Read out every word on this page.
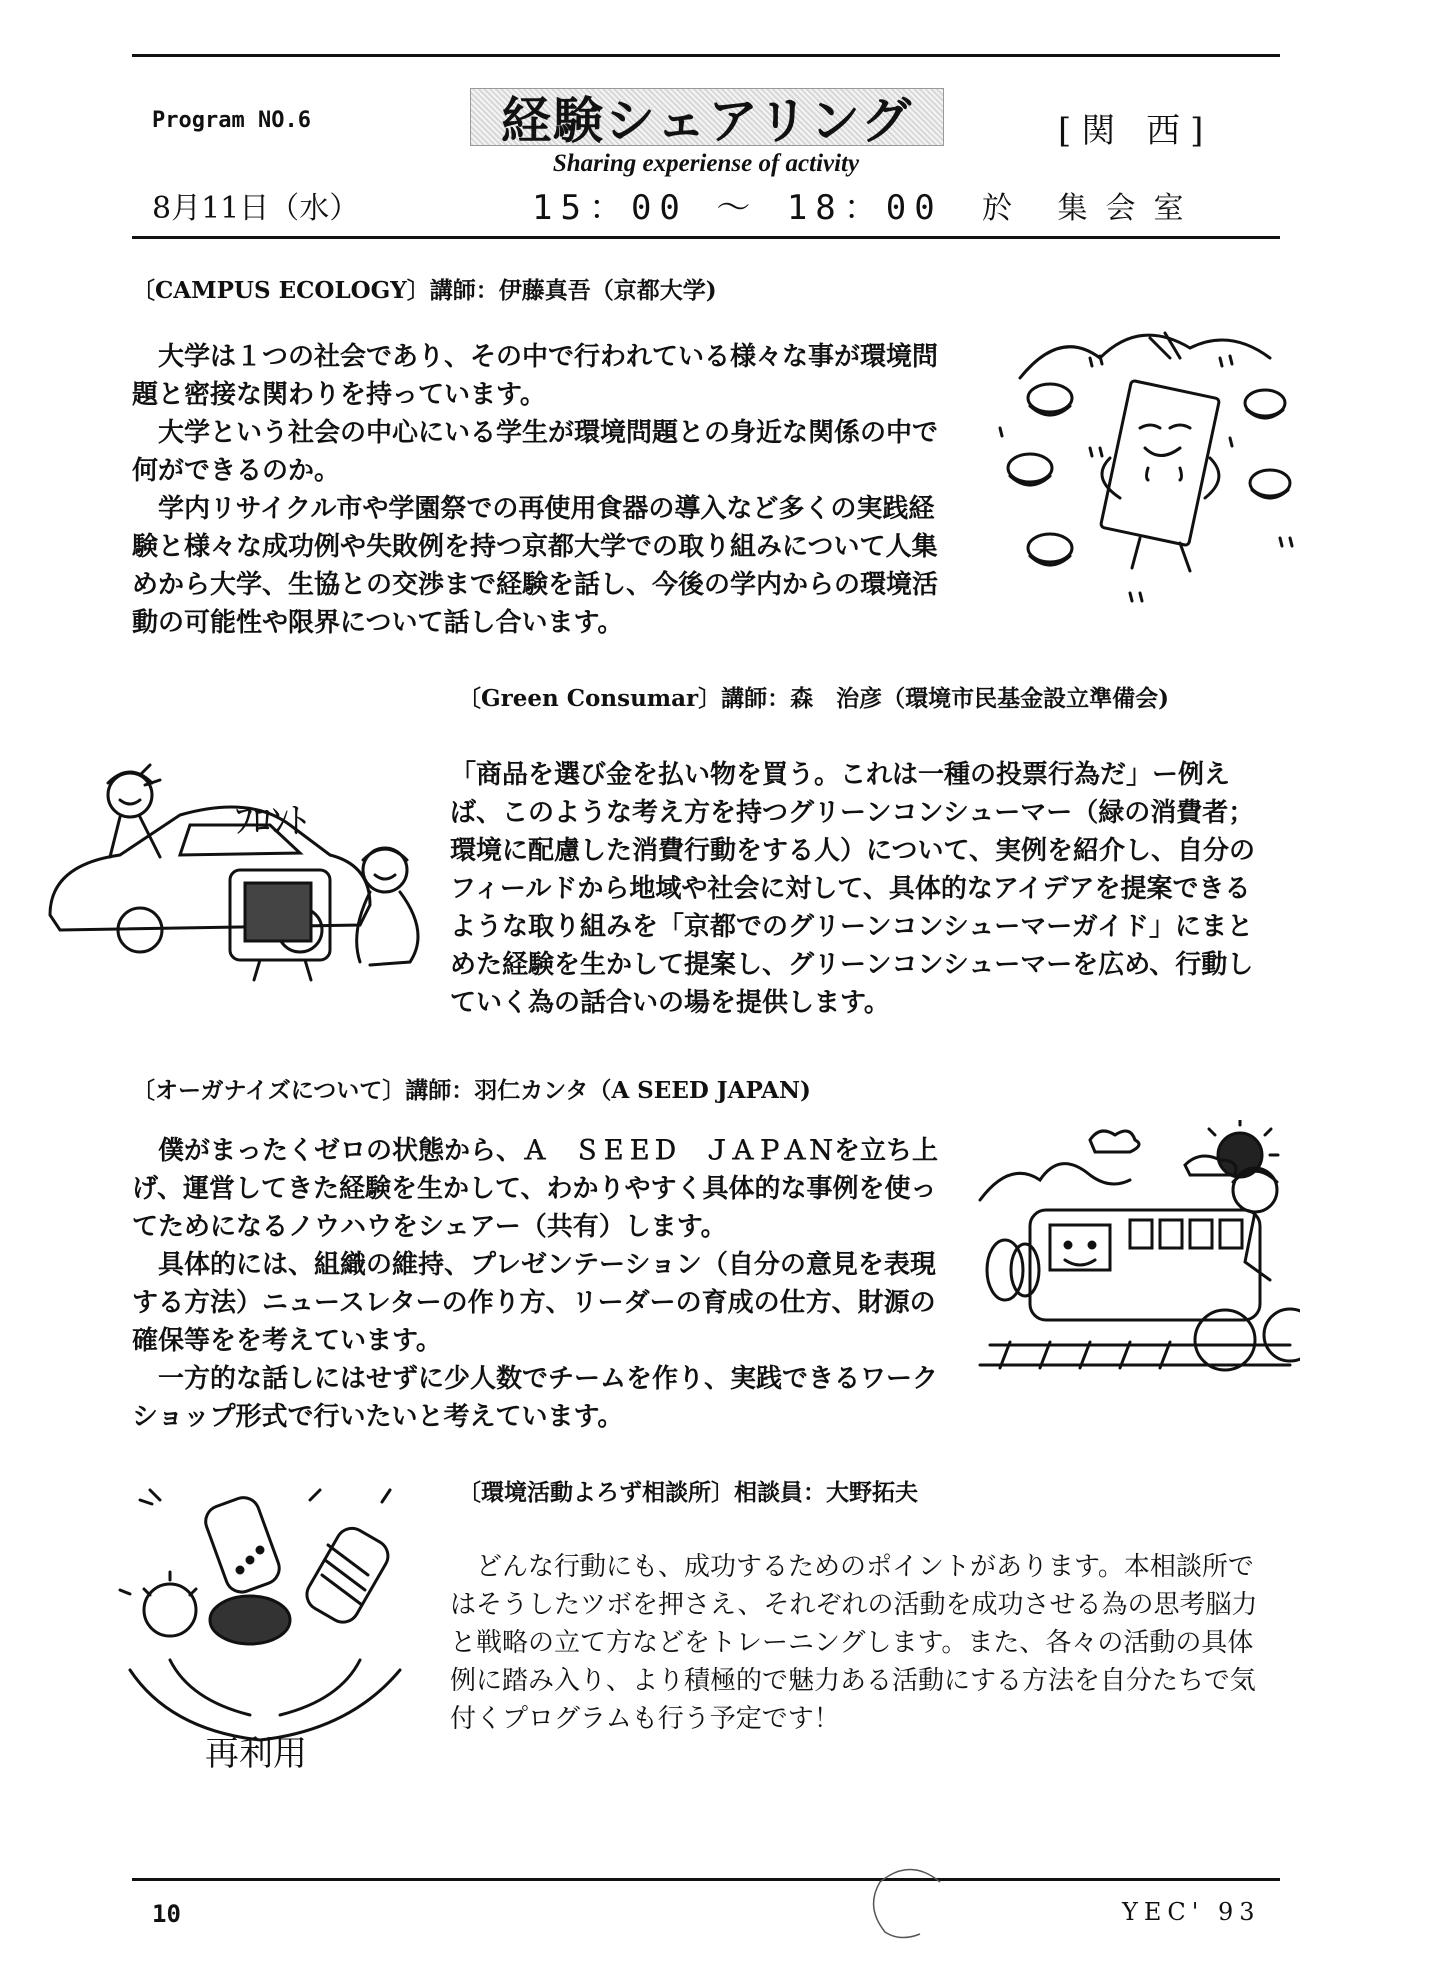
Program NO.6	経験シェアリング
Sharing experiense of activity
[関 西]
8月11日（水）	15：00 ～ 18：00 於 集会室
〔CAMPUS ECOLOGY〕講師：伊藤真吾（京都大学)

　大学は１つの社会であり、その中で行われている様々な事が環境問題と密接な関わりを持っています。

　大学という社会の中心にいる学生が環境問題との身近な関係の中で何ができるのか。

　学内リサイクル市や学園祭での再使用食器の導入など多くの実践経験と様々な成功例や失敗例を持つ京都大学での取り組みについて人集めから大学、生協との交渉まで経験を話し、今後の学内からの環境活動の可能性や限界について話し合います。

〔Green Consumar〕講師：森　治彦（環境市民基金設立準備会)

「商品を選び金を払い物を買う。これは一種の投票行為だ」ー例えば、このような考え方を持つグリーンコンシューマー（緑の消費者；環境に配慮した消費行動をする人）について、実例を紹介し、自分のフィールドから地域や社会に対して、具体的なアイデアを提案できるような取り組みを「京都でのグリーンコンシューマーガイド」にまとめた経験を生かして提案し、グリーンコンシューマーを広め、行動していく為の話合いの場を提供します。

ﾌﾛﾝﾄ
〔オーガナイズについて〕講師：羽仁カンタ（A SEED JAPAN)

　僕がまったくゼロの状態から、Ａ　ＳＥＥＤ　ＪＡＰＡＮを立ち上げ、運営してきた経験を生かして、わかりやすく具体的な事例を使ってためになるノウハウをシェアー（共有）します。

　具体的には、組織の維持、プレゼンテーション（自分の意見を表現する方法）ニュースレターの作り方、リーダーの育成の仕方、財源の確保等をを考えています。

　一方的な話しにはせずに少人数でチームを作り、実践できるワークショップ形式で行いたいと考えています。

〔環境活動よろず相談所〕相談員：大野拓夫

　どんな行動にも、成功するためのポイントがあります。本相談所ではそうしたツボを押さえ、それぞれの活動を成功させる為の思考脳力と戦略の立て方などをトレーニングします。また、各々の活動の具体例に踏み入り、より積極的で魅力ある活動にする方法を自分たちで気付くプログラムも行う予定です！

再利用
10	YEC' 93
